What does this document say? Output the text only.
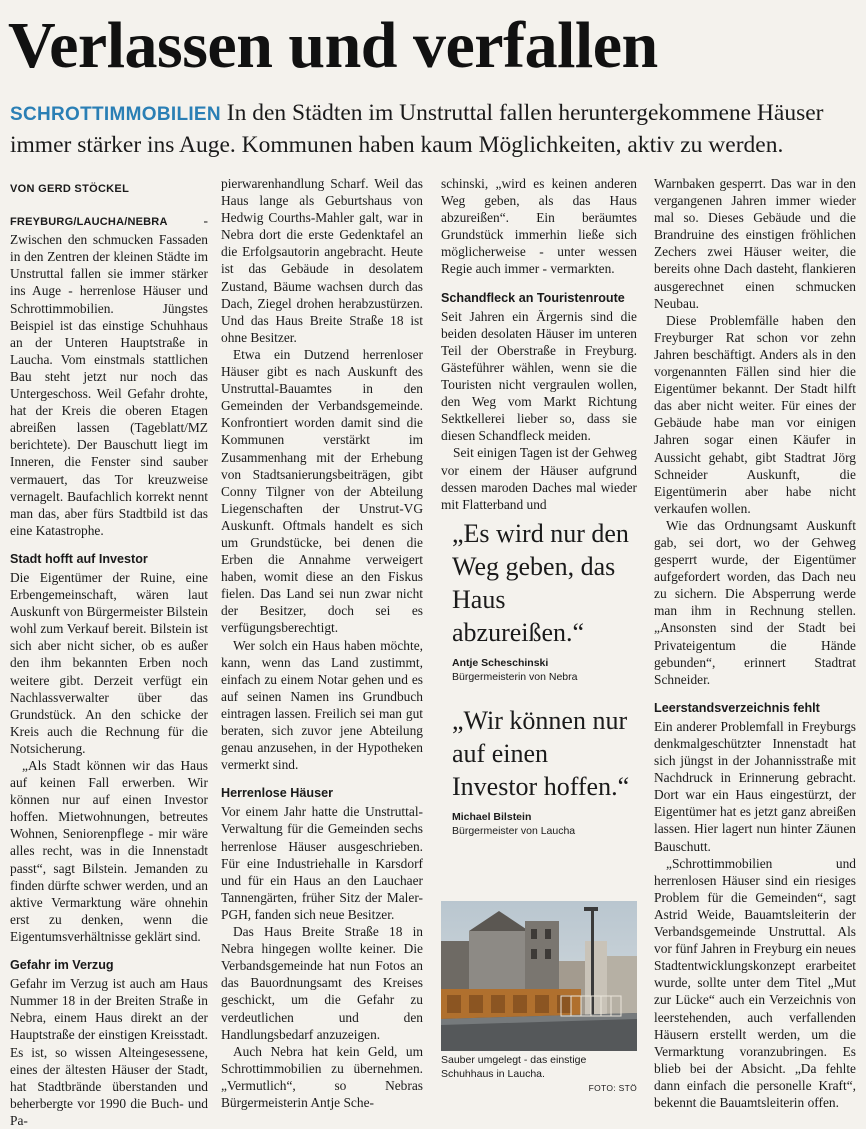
Verlassen und verfallen
SCHROTTIMMOBILIEN In den Städten im Unstruttal fallen heruntergekommene Häuser immer stärker ins Auge. Kommunen haben kaum Möglichkeiten, aktiv zu werden.
VON GERD STÖCKEL

FREYBURG/LAUCHA/NEBRA - Zwischen den schmucken Fassaden in den Zentren der kleinen Städte im Unstruttal fallen sie immer stärker ins Auge - herrenlose Häuser und Schrottimmobilien. Jüngstes Beispiel ist das einstige Schuhhaus an der Unteren Hauptstraße in Laucha. Vom einstmals stattlichen Bau steht jetzt nur noch das Untergeschoss. Weil Gefahr drohte, hat der Kreis die oberen Etagen abreißen lassen (Tageblatt/MZ berichtete). Der Bauschutt liegt im Inneren, die Fenster sind sauber vermauert, das Tor kreuzweise vernagelt. Baufachlich korrekt nennt man das, aber fürs Stadtbild ist das eine Katastrophe.

Stadt hofft auf Investor

Die Eigentümer der Ruine, eine Erbengemeinschaft, wären laut Auskunft von Bürgermeister Bilstein wohl zum Verkauf bereit. Bilstein ist sich aber nicht sicher, ob es außer den ihm bekannten Erben noch weitere gibt. Derzeit verfügt ein Nachlassverwalter über das Grundstück. An den schicke der Kreis auch die Rechnung für die Notsicherung.

„Als Stadt können wir das Haus auf keinen Fall erwerben. Wir können nur auf einen Investor hoffen. Mietwohnungen, betreutes Wohnen, Seniorenpflege - mir wäre alles recht, was in die Innenstadt passt“, sagt Bilstein. Jemanden zu finden dürfte schwer werden, und an aktive Vermarktung wäre ohnehin erst zu denken, wenn die Eigentumsverhältnisse geklärt sind.

Gefahr im Verzug

Gefahr im Verzug ist auch am Haus Nummer 18 in der Breiten Straße in Nebra, einem Haus direkt an der Hauptstraße der einstigen Kreisstadt. Es ist, so wissen Alteingesessene, eines der ältesten Häuser der Stadt, hat Stadtbrände überstanden und beherbergte vor 1990 die Buch- und Pa-

pierwarenhandlung Scharf. Weil das Haus lange als Geburtshaus von Hedwig Courths-Mahler galt, war in Nebra dort die erste Gedenktafel an die Erfolgsautorin angebracht. Heute ist das Gebäude in desolatem Zustand, Bäume wachsen durch das Dach, Ziegel drohen herabzustürzen. Und das Haus Breite Straße 18 ist ohne Besitzer.

Etwa ein Dutzend herrenloser Häuser gibt es nach Auskunft des Unstruttal-Bauamtes in den Gemeinden der Verbandsgemeinde. Konfrontiert worden damit sind die Kommunen verstärkt im Zusammenhang mit der Erhebung von Stadtsanierungsbeiträgen, gibt Conny Tilgner von der Abteilung Liegenschaften der Unstrut-VG Auskunft. Oftmals handelt es sich um Grundstücke, bei denen die Erben die Annahme verweigert haben, womit diese an den Fiskus fielen. Das Land sei nun zwar nicht der Besitzer, doch sei es verfügungsberechtigt.

Wer solch ein Haus haben möchte, kann, wenn das Land zustimmt, einfach zu einem Notar gehen und es auf seinen Namen ins Grundbuch eintragen lassen. Freilich sei man gut beraten, sich zuvor jene Abteilung genau anzusehen, in der Hypotheken vermerkt sind.

Herrenlose Häuser

Vor einem Jahr hatte die Unstruttal-Verwaltung für die Gemeinden sechs herrenlose Häuser ausgeschrieben. Für eine Industriehalle in Karsdorf und für ein Haus an den Lauchaer Tannengärten, früher Sitz der Maler-PGH, fanden sich neue Besitzer.

Das Haus Breite Straße 18 in Nebra hingegen wollte keiner. Die Verbandsgemeinde hat nun Fotos an das Bauordnungsamt des Kreises geschickt, um die Gefahr zu verdeutlichen und den Handlungsbedarf anzuzeigen.

Auch Nebra hat kein Geld, um Schrottimmobilien zu übernehmen. „Vermutlich“, so Nebras Bürgermeisterin Antje Sche-

schinski, „wird es keinen anderen Weg geben, als das Haus abzureißen“. Ein beräumtes Grundstück immerhin ließe sich möglicherweise - unter wessen Regie auch immer - vermarkten.

Schandfleck an Touristenroute

Seit Jahren ein Ärgernis sind die beiden desolaten Häuser im unteren Teil der Oberstraße in Freyburg. Gästeführer wählen, wenn sie die Touristen nicht vergraulen wollen, den Weg vom Markt Richtung Sektkellerei lieber so, dass sie diesen Schandfleck meiden.

Seit einigen Tagen ist der Gehweg vor einem der Häuser aufgrund dessen maroden Daches mal wieder mit Flatterband und

„Es wird nur den Weg geben, das Haus abzureißen.“
Antje Scheschinski
Bürgermeisterin von Nebra
„Wir können nur auf einen Investor hoffen.“
Michael Bilstein
Bürgermeister von Laucha
Sauber umgelegt - das einstige Schuhhaus in Laucha.
FOTO: STÖ

Warnbaken gesperrt. Das war in den vergangenen Jahren immer wieder mal so. Dieses Gebäude und die Brandruine des einstigen fröhlichen Zechers zwei Häuser weiter, die bereits ohne Dach dasteht, flankieren ausgerechnet einen schmucken Neubau.

Diese Problemfälle haben den Freyburger Rat schon vor zehn Jahren beschäftigt. Anders als in den vorgenannten Fällen sind hier die Eigentümer bekannt. Der Stadt hilft das aber nicht weiter. Für eines der Gebäude habe man vor einigen Jahren sogar einen Käufer in Aussicht gehabt, gibt Stadtrat Jörg Schneider Auskunft, die Eigentümerin aber habe nicht verkaufen wollen.

Wie das Ordnungsamt Auskunft gab, sei dort, wo der Gehweg gesperrt wurde, der Eigentümer aufgefordert worden, das Dach neu zu sichern. Die Absperrung werde man ihm in Rechnung stellen. „Ansonsten sind der Stadt bei Privateigentum die Hände gebunden“, erinnert Stadtrat Schneider.

Leerstandsverzeichnis fehlt

Ein anderer Problemfall in Freyburgs denkmalgeschützter Innenstadt hat sich jüngst in der Johannisstraße mit Nachdruck in Erinnerung gebracht. Dort war ein Haus eingestürzt, der Eigentümer hat es jetzt ganz abreißen lassen. Hier lagert nun hinter Zäunen Bauschutt.

„Schrottimmobilien und herrenlosen Häuser sind ein riesiges Problem für die Gemeinden“, sagt Astrid Weide, Bauamtsleiterin der Verbandsgemeinde Unstruttal. Als vor fünf Jahren in Freyburg ein neues Stadtentwicklungskonzept erarbeitet wurde, sollte unter dem Titel „Mut zur Lücke“ auch ein Verzeichnis von leerstehenden, auch verfallenden Häusern erstellt werden, um die Vermarktung voranzubringen. Es blieb bei der Absicht. „Da fehlte dann einfach die personelle Kraft“, bekennt die Bauamtsleiterin offen.
